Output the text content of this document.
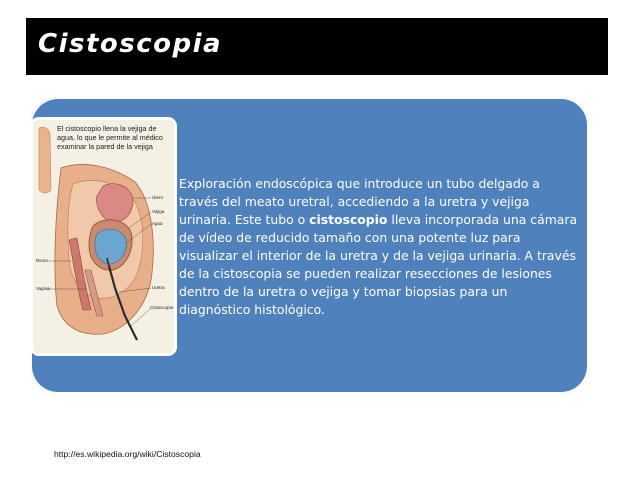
Cistoscopia
El cistoscopio llena la vejiga de agua, lo que le permite al médico examinar la pared de la vejiga
Útero
Vejiga
Agua
Recto
Vagina	Uretra
Cistoscopio
Exploración endoscópica que introduce un tubo delgado a través del meato uretral, accediendo a la uretra y vejiga urinaria. Este tubo o cistoscopio lleva incorporada una cámara de vídeo de reducido tamaño con una potente luz para visualizar el interior de la uretra y de la vejiga urinaria. A través de la cistoscopia se pueden realizar resecciones de lesiones dentro de la uretra o vejiga y tomar biopsias para un diagnóstico histológico.
http://es.wikipedia.org/wiki/Cistoscopia
